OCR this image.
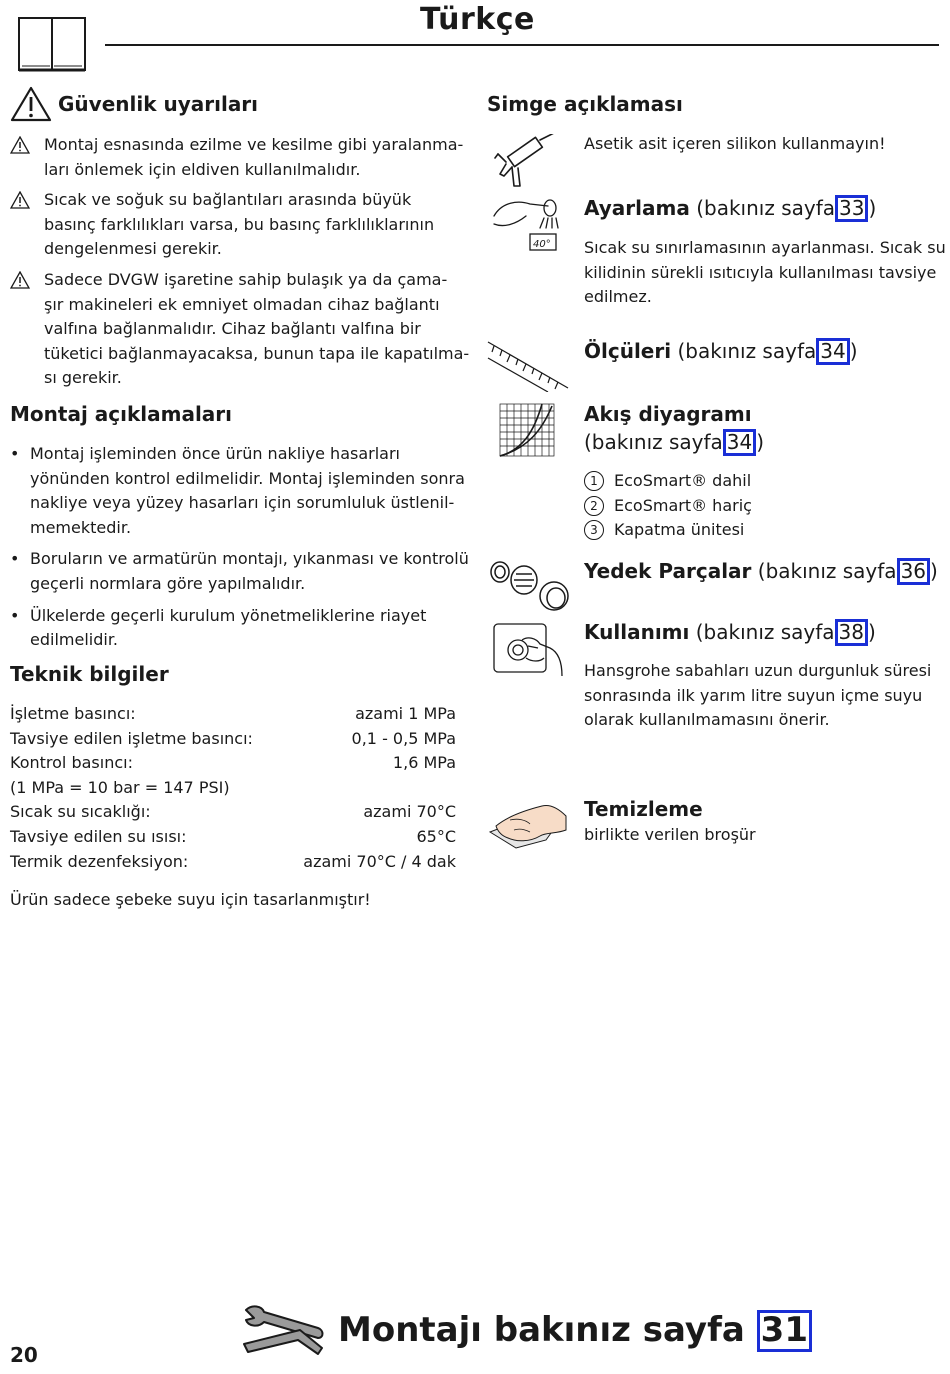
Türkçe
Güvenlik uyarıları
Montaj esnasında ezilme ve kesilme gibi yaralanma-
ları önlemek için eldiven kullanılmalıdır.
Sıcak ve soğuk su bağlantıları arasında büyük
basınç farklılıkları varsa, bu basınç farklılıklarının
dengelenmesi gerekir.
Sadece DVGW işaretine sahip bulaşık ya da çama-
şır makineleri ek emniyet olmadan cihaz bağlantı
valfına bağlanmalıdır. Cihaz bağlantı valfına bir
tüketici bağlanmayacaksa, bunun tapa ile kapatılma-
sı gerekir.
Montaj açıklamaları
• Montaj işleminden önce ürün nakliye hasarları
yönünden kontrol edilmelidir. Montaj işleminden sonra
nakliye veya yüzey hasarları için sorumluluk üstlenil-
memektedir.
• Boruların ve armatürün montajı, yıkanması ve kontrolü
geçerli normlara göre yapılmalıdır.
• Ülkelerde geçerli kurulum yönetmeliklerine riayet
edilmelidir.
Teknik bilgiler
İşletme basıncı:	azami 1 MPa
Tavsiye edilen işletme basıncı:	0,1 - 0,5 MPa
Kontrol basıncı:	1,6 MPa
(1 MPa = 10 bar = 147 PSI)
Sıcak su sıcaklığı:	azami 70°C
Tavsiye edilen su ısısı:	65°C
Termik dezenfeksiyon:	azami 70°C / 4 dak
Ürün sadece şebeke suyu için tasarlanmıştır!
Simge açıklaması
Asetik asit içeren silikon kullanmayın!
40°
Ayarlama (bakınız sayfa 33 )
Sıcak su sınırlamasının ayarlanması. Sıcak su
kilidinin sürekli ısıtıcıyla kullanılması tavsiye
edilmez.
Ölçüleri (bakınız sayfa 34 )
Akış diyagramı
(bakınız sayfa 34 )
1	EcoSmart® dahil
2	EcoSmart® hariç
3	Kapatma ünitesi
Yedek Parçalar (bakınız sayfa 36 )
Kullanımı (bakınız sayfa 38 )
Hansgrohe sabahları uzun durgunluk süresi
sonrasında ilk yarım litre suyun içme suyu
olarak kullanılmamasını önerir.
Temizleme
birlikte verilen broşür
20
Montajı bakınız sayfa 31
